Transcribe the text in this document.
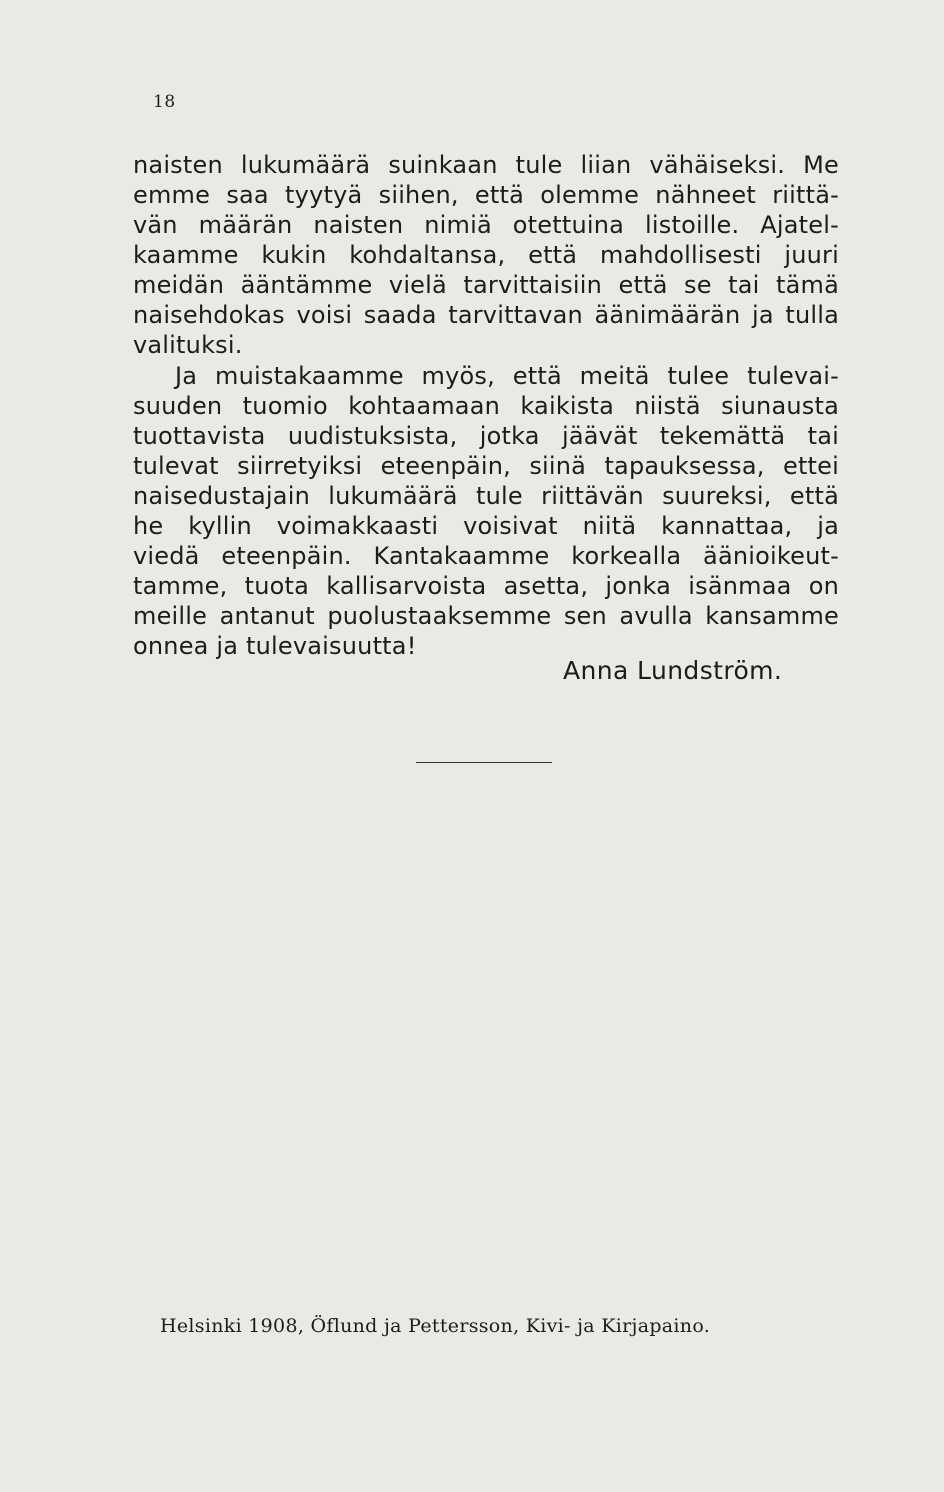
18
naisten lukumäärä suinkaan tule liian vähäiseksi. Me
emme saa tyytyä siihen, että olemme nähneet riittä-
vän määrän naisten nimiä otettuina listoille. Ajatel-
kaamme kukin kohdaltansa, että mahdollisesti juuri
meidän ääntämme vielä tarvittaisiin että se tai tämä
naisehdokas voisi saada tarvittavan äänimäärän ja tulla
valituksi.
Ja muistakaamme myös, että meitä tulee tulevai-
suuden tuomio kohtaamaan kaikista niistä siunausta
tuottavista uudistuksista, jotka jäävät tekemättä tai
tulevat siirretyiksi eteenpäin, siinä tapauksessa, ettei
naisedustajain lukumäärä tule riittävän suureksi, että
he kyllin voimakkaasti voisivat niitä kannattaa, ja
viedä eteenpäin. Kantakaamme korkealla äänioikeut-
tamme, tuota kallisarvoista asetta, jonka isänmaa on
meille antanut puolustaaksemme sen avulla kansamme
onnea ja tulevaisuutta!
Anna Lundström.
Helsinki 1908, Öflund ja Pettersson, Kivi- ja Kirjapaino.
